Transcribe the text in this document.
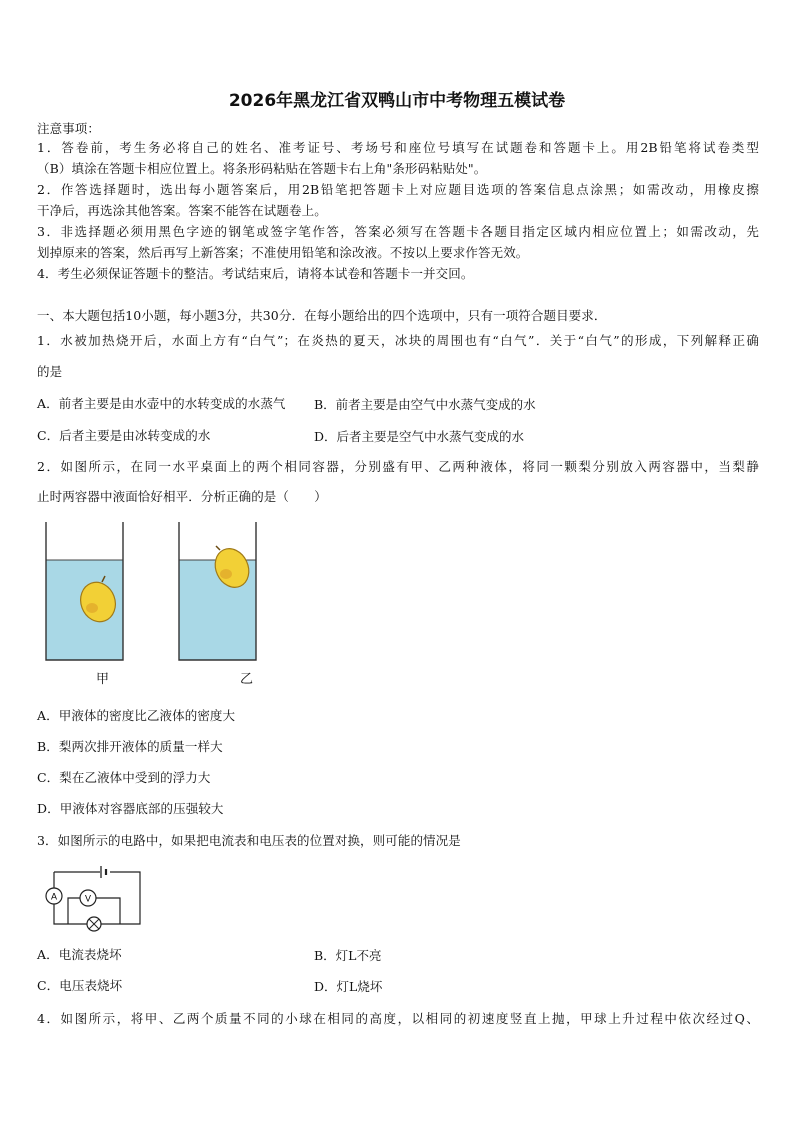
2026年黑龙江省双鸭山市中考物理五模试卷
注意事项：
1．答卷前，考生务必将自己的姓名、准考证号、考场号和座位号填写在试题卷和答题卡上。用2B铅笔将试卷类型
（B）填涂在答题卡相应位置上。将条形码粘贴在答题卡右上角"条形码粘贴处"。
2．作答选择题时，选出每小题答案后，用2B铅笔把答题卡上对应题目选项的答案信息点涂黑；如需改动，用橡皮擦
干净后，再选涂其他答案。答案不能答在试题卷上。
3．非选择题必须用黑色字迹的钢笔或签字笔作答，答案必须写在答题卡各题目指定区域内相应位置上；如需改动，先
划掉原来的答案，然后再写上新答案；不准使用铅笔和涂改液。不按以上要求作答无效。
4．考生必须保证答题卡的整洁。考试结束后，请将本试卷和答题卡一并交回。
一、本大题包括10小题，每小题3分，共30分．在每小题给出的四个选项中，只有一项符合题目要求．
1．水被加热烧开后，水面上方有“白气”；在炎热的夏天，冰块的周围也有“白气”．关于“白气”的形成，下列解释正确
的是
A．前者主要是由水壶中的水转变成的水蒸气	B．前者主要是由空气中水蒸气变成的水
C．后者主要是由冰转变成的水	D．后者主要是空气中水蒸气变成的水
2．如图所示，在同一水平桌面上的两个相同容器，分别盛有甲、乙两种液体，将同一颗梨分别放入两容器中，当梨静
止时两容器中液面恰好相平．分析正确的是（　　）
甲	乙
A．甲液体的密度比乙液体的密度大
B．梨两次排开液体的质量一样大
C．梨在乙液体中受到的浮力大
D．甲液体对容器底部的压强较大
3．如图所示的电路中，如果把电流表和电压表的位置对换，则可能的情况是
A	V
A．电流表烧坏	B．灯L不亮
C．电压表烧坏	D．灯L烧坏
4．如图所示，将甲、乙两个质量不同的小球在相同的高度，以相同的初速度竖直上抛，甲球上升过程中依次经过Q、
